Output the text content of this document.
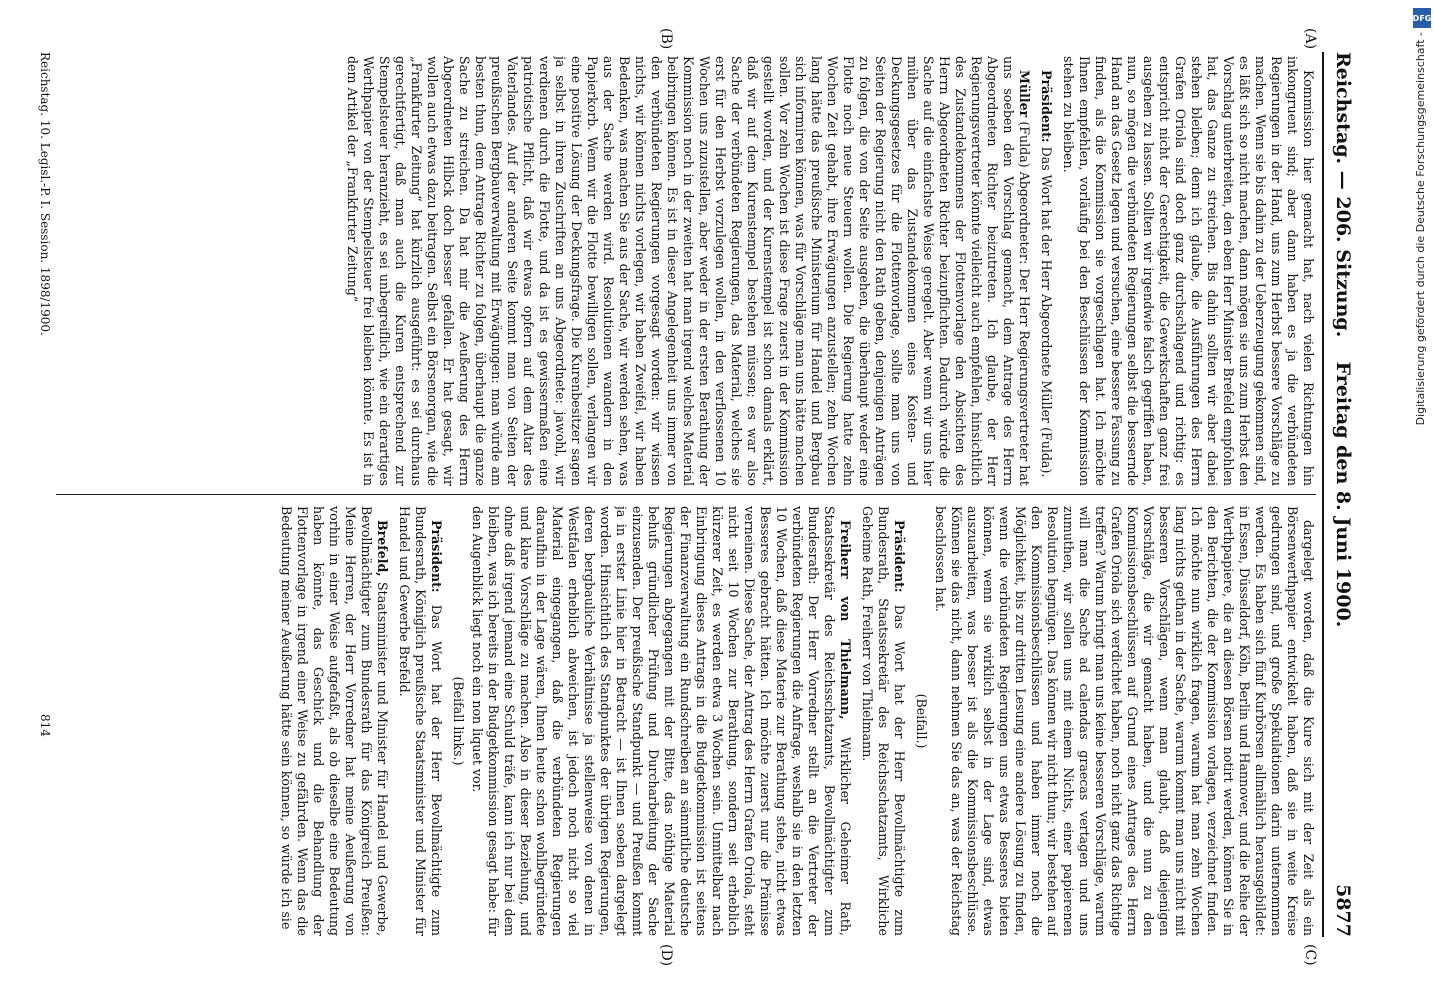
Reichstag. — 206. Sitzung.
Freitag den 8. Juni 1900.
5877
(A)
(B)
(C)
(D)

Kommission hier gemacht hat, nach vielen Richtungen hin inkongruent sind; aber dann haben es ja die verbündeten Regierungen in der Hand, uns zum Herbst bessere Vorschläge zu machen. Wenn sie bis dahin zu der Ueberzeugung gekommen sind, es läßt sich so nicht machen, dann mögen sie uns zum Herbst den Vorschlag unterbreiten, den eben Herr Minister Brefeld empfohlen hat, das Ganze zu streichen. Bis dahin sollten wir aber dabei stehen bleiben; denn ich glaube, die Ausführungen des Herrn Grafen Oriola sind doch ganz durchschlagend und richtig: es entspricht nicht der Gerechtigkeit, die Gewerkschaften ganz frei ausgehen zu lassen. Sollten wir irgendwie falsch gegriffen haben, nun, so mögen die verbündeten Regierungen selbst die bessernde Hand an das Gesetz legen und versuchen, eine bessere Fassung zu finden, als die Kommission sie vorgeschlagen hat. Ich möchte Ihnen empfehlen, vorläufig bei den Beschlüssen der Kommission stehen zu bleiben.

Präsident: Das Wort hat der Herr Abgeordnete Müller (Fulda).

Müller (Fulda) Abgeordneter: Der Herr Regierungsvertreter hat uns soeben den Vorschlag gemacht, dem Antrage des Herrn Abgeordneten Richter beizutreten. Ich glaube, der Herr Regierungsvertreter könnte vielleicht auch empfehlen, hinsichtlich des Zustandekommens der Flottenvorlage den Absichten des Herrn Abgeordneten Richter beizupflichten. Dadurch würde die Sache auf die einfachste Weise geregelt. Aber wenn wir uns hier mühen über das Zustandekommen eines Kosten- und Deckungsgesetzes für die Flottenvorlage, sollte man uns von Seiten der Regierung nicht den Rath geben, denjenigen Anträgen zu folgen, die von der Seite ausgehen, die überhaupt weder eine Flotte noch neue Steuern wollen. Die Regierung hatte zehn Wochen Zeit gehabt, ihre Erwägungen anzustellen; zehn Wochen lang hätte das preußische Ministerium für Handel und Bergbau sich informiren können, was für Vorschläge man uns hätte machen sollen. Vor zehn Wochen ist diese Frage zuerst in der Kommission gestellt worden, und der Kurenstempel ist schon damals erklärt, daß wir auf dem Kurenstempel bestehen müssen; es war also Sache der verbündeten Regierungen, das Material, welches sie erst für den Herbst vorzulegen wollen, in den verflossenen 10 Wochen uns zuzustellen, aber weder in der ersten Berathung der Kommission noch in der zweiten hat man irgend welches Material beibringen können. Es ist in dieser Angelegenheit uns immer von den verbündeten Regierungen vorgesagt worden: wir wissen nichts, wir können nichts vorlegen, wir haben Zweifel, wir haben Bedenken, was machen Sie aus der Sache, wir werden sehen, was aus der Sache werden wird. Resolutionen wandern in den Papierkorb. Wenn wir die Flotte bewilligen sollen, verlangen wir eine positive Lösung der Deckungsfrage. Die Kurenbesitzer sagen ja selbst in ihren Zuschriften an uns Abgeordnete: jawohl, wir verdienen durch die Flotte, und da ist es gewissermaßen eine patriotische Pflicht, daß wir etwas opfern auf dem Altar des Vaterlandes. Auf der anderen Seite kommt man von Seiten der preußischen Bergbauverwaltung mit Erwägungen: man würde am besten thun, dem Antrage Richter zu folgen, überhaupt die ganze Sache zu streichen. Da hat mir die Aeußerung des Herrn Abgeordneten Hilbck doch besser gefallen. Er hat gesagt, wir wollen auch etwas dazu beitragen. Selbst ein Börsenorgan, wie die „Frankfurter Zeitung“ hat kürzlich ausgeführt: es sei durchaus gerechtfertigt, daß man auch die Kuren entsprechend zur Stempelsteuer heranzieht, es sei unbegreiflich, wie ein derartiges Werthpapier von der Stempelsteuer frei bleiben könnte. Es ist in dem Artikel der „Frankfurter Zeitung“

dargelegt worden, daß die Kure sich mit der Zeit als ein Börsenwerthpapier entwickelt haben, daß sie in weite Kreise gedrungen sind, und große Spekulationen darin unternommen werden. Es haben sich fünf Kurbörsen allmählich herausgebildet: in Essen, Düsseldorf, Köln, Berlin und Hannover, und die Reihe der Werthpapiere, die an diesen Börsen notirt werden, können Sie in den Berichten, die der Kommission vorlagen, verzeichnet finden. Ich möchte nun wirklich fragen, warum hat man zehn Wochen lang nichts gethan in der Sache, warum kommt man uns nicht mit besseren Vorschlägen, wenn man glaubt, daß diejenigen Vorschläge, die wir gemacht haben, und die nun zu den Kommissionsbeschlüssen auf Grund eines Antrages des Herrn Grafen Oriola sich verdichtet haben, noch nicht ganz das Richtige treffen? Warum bringt man uns keine besseren Vorschläge, warum will man die Sache ad calendas graecas vertagen und uns zumuthen, wir sollen uns mit einem Nichts, einer papierenen Resolution begnügen. Das können wir nicht thun; wir bestehen auf den Kommissionsbeschlüssen und haben immer noch die Möglichkeit, bis zur dritten Lesung eine andere Lösung zu finden, wenn die verbündeten Regierungen uns etwas Besseres bieten können, wenn sie wirklich selbst in der Lage sind, etwas auszuarbeiten, was besser ist als die Kommissionsbeschlüsse. Können sie das nicht, dann nehmen Sie das an, was der Reichstag beschlossen hat.

(Beifall.)

Präsident: Das Wort hat der Herr Bevollmächtigte zum Bundesrath, Staatssekretär des Reichsschatzamts, Wirkliche Geheime Rath, Freiherr von Thielmann.

Freiherr von Thielmann, Wirklicher Geheimer Rath, Staatssekretär des Reichsschatzamts, Bevollmächtigter zum Bundesrath: Der Herr Vorredner stellt an die Vertreter der verbündeten Regierungen die Anfrage, weshalb sie in den letzten 10 Wochen, daß diese Materie zur Berathung stehe, nicht etwas Besseres gebracht hätten. Ich möchte zuerst nur die Prämisse verneinen. Diese Sache, der Antrag des Herrn Grafen Oriola, steht nicht seit 10 Wochen zur Berathung, sondern seit erheblich kürzerer Zeit, es werden etwa 3 Wochen sein. Unmittelbar nach Einbringung dieses Antrags in die Budgetkommission ist seitens der Finanzverwaltung ein Rundschreiben an sämmtliche deutsche Regierungen abgegangen mit der Bitte, das nöthige Material behufs gründlicher Prüfung und Durcharbeitung der Sache einzusenden. Der preußische Standpunkt — und Preußen kommt ja in erster Linie hier in Betracht — ist Ihnen soeben dargelegt worden. Hinsichtlich des Standpunktes der übrigen Regierungen, deren bergbauliche Verhältnisse ja stellenweise von denen in Westfalen erheblich abweichen, ist jedoch noch nicht so viel Material eingegangen, daß die verbündeten Regierungen daraufhin in der Lage wären, Ihnen heute schon wohlbegründete und klare Vorschläge zu machen. Also in dieser Beziehung, und ohne daß irgend jemand eine Schuld träfe, kann ich nur bei dem bleiben, was ich bereits in der Budgetkommission gesagt habe: für den Augenblick liegt noch ein non liquet vor.

(Beifall links.)

Präsident: Das Wort hat der Herr Bevollmächtigte zum Bundesrath, Königlich preußische Staatsminister und Minister für Handel und Gewerbe Brefeld.

Brefeld, Staatsminister und Minister für Handel und Gewerbe, Bevollmächtigter zum Bundesrath für das Königreich Preußen: Meine Herren, der Herr Vorredner hat meine Aeußerung von vorhin in einer Weise aufgefaßt, als ob dieselbe eine Bedeutung haben könnte, das Geschick und die Behandlung der Flottenvorlage in irgend einer Weise zu gefährden. Wenn das die Bedeutung meiner Aeußerung hätte sein können, so würde ich sie

Reichstag. 10. Legisl.-P. I. Session. 1898/1900.
814
DFG
Digitalisierung gefördert durch die Deutsche Forschungsgemeinschaft -
